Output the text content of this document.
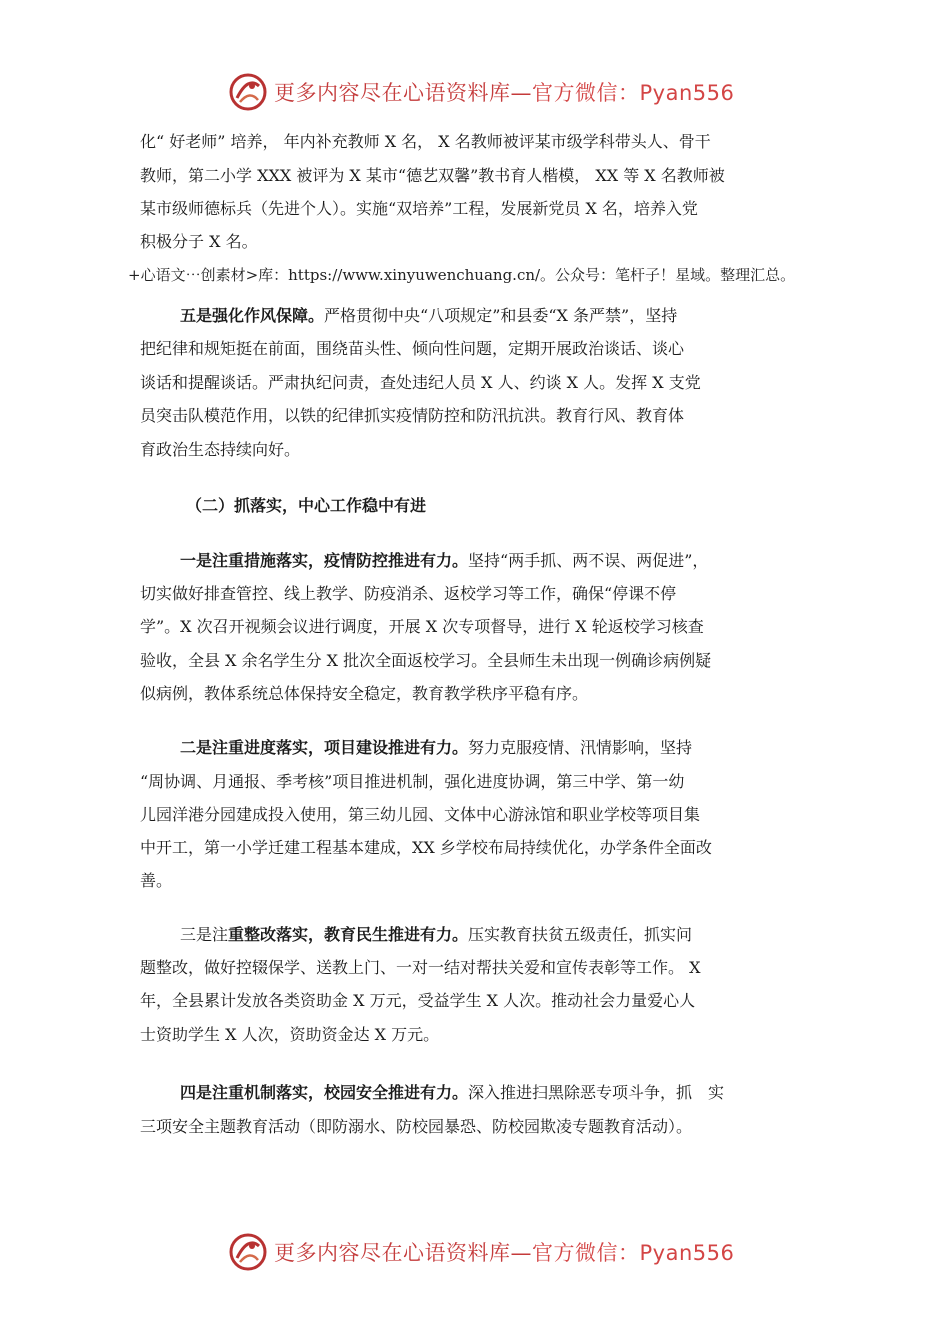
更多内容尽在心语资料库—官方微信：Pyan556
化“ 好老师” 培养， 年内补充教师 X 名， X 名教师被评某市级学科带头人、骨干
教师，第二小学 XXX 被评为 X 某市“德艺双馨”教书育人楷模， XX 等 X 名教师被
某市级师德标兵（先进个人）。实施“双培养”工程，发展新党员 X 名，培养入党
积极分子 X 名。
+心语文⋯创素材>库：https://www.xinyuwenchuang.cn/。公众号：笔杆子！星域。整理汇总。
五是强化作风保障。严格贯彻中央“八项规定”和县委“X 条严禁”，坚持
把纪律和规矩挺在前面，围绕苗头性、倾向性问题，定期开展政治谈话、谈心
谈话和提醒谈话。严肃执纪问责，查处违纪人员 X 人、约谈 X 人。发挥 X 支党
员突击队模范作用，以铁的纪律抓实疫情防控和防汛抗洪。教育行风、教育体
育政治生态持续向好。
（二）抓落实，中心工作稳中有进
一是注重措施落实，疫情防控推进有力。坚持“两手抓、两不误、两促进”，
切实做好排查管控、线上教学、防疫消杀、返校学习等工作，确保“停课不停
学”。X 次召开视频会议进行调度，开展 X 次专项督导，进行 X 轮返校学习核查
验收，全县 X 余名学生分 X 批次全面返校学习。全县师生未出现一例确诊病例疑
似病例，教体系统总体保持安全稳定，教育教学秩序平稳有序。
二是注重进度落实，项目建设推进有力。努力克服疫情、汛情影响，坚持
“周协调、月通报、季考核”项目推进机制，强化进度协调，第三中学、第一幼
儿园洋港分园建成投入使用，第三幼儿园、文体中心游泳馆和职业学校等项目集
中开工，第一小学迁建工程基本建成，XX 乡学校布局持续优化，办学条件全面改
善。
三是注重整改落实，教育民生推进有力。压实教育扶贫五级责任，抓实问
题整改，做好控辍保学、送教上门、一对一结对帮扶关爱和宣传表彰等工作。 X
年，全县累计发放各类资助金 X 万元，受益学生 X 人次。推动社会力量爱心人
士资助学生 X 人次，资助资金达 X 万元。
四是注重机制落实，校园安全推进有力。深入推进扫黑除恶专项斗争，抓　实
三项安全主题教育活动（即防溺水、防校园暴恐、防校园欺凌专题教育活动）。
更多内容尽在心语资料库—官方微信：Pyan556
